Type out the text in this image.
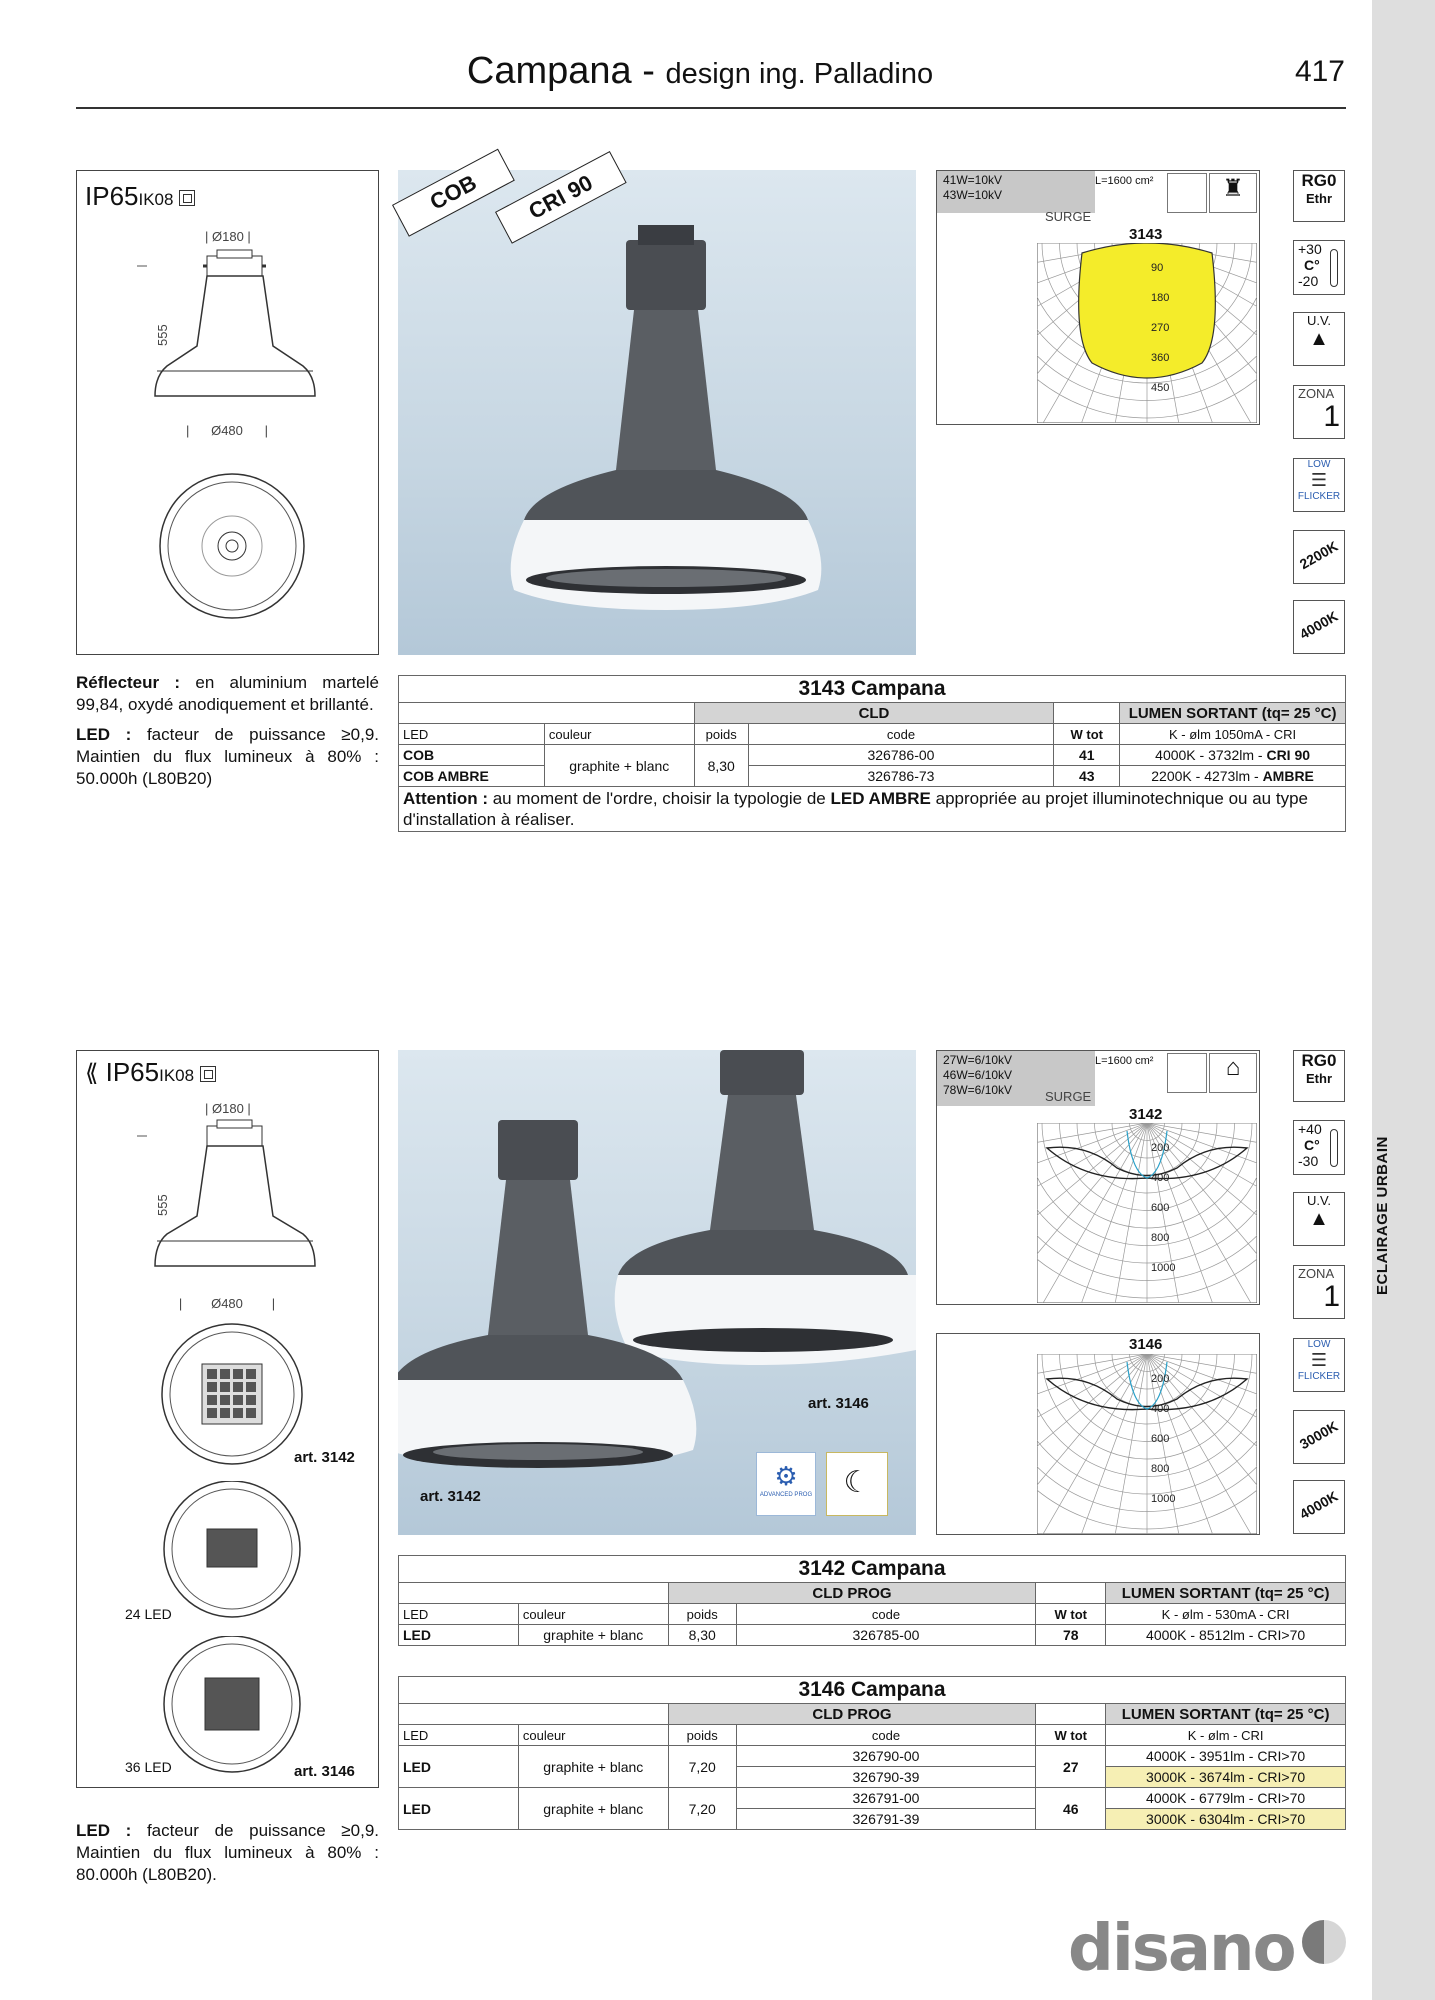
Campana - design ing. Palladino	417
ECLAIRAGE URBAIN
IP65IK08
| Ø180 |
555
|      Ø480      |
COB	CRI 90	41W=10kV
43W=10kV
SURGE
L=1600 cm²	♜
3143
90
180
270
360
450
RG0
Ethr
+30
C°
-20
U.V.
▲
ZONA
1
LOW
☰
FLICKER
2200K
4000K

Réflecteur : en aluminium martelé 99,84, oxydé anodiquement et brillanté.

LED : facteur de puissance ≥0,9. Maintien du flux lumineux à 80% : 50.000h (L80B20)

3143 Campana					
		CLD			LUMEN SORTANT (tq= 25 °C)
LED	couleur	poids	code	W tot	K - ølm 1050mA - CRI
COB	graphite + blanc	8,30	326786-00	41	4000K - 3732lm - CRI 90
COB AMBRE			326786-73	43	2200K - 4273lm - AMBRE
Attention : au moment de l'ordre, choisir la typologie de LED AMBRE appropriée au projet illuminotechnique ou au type d'installation à réaliser.					
⟪ IP65IK08
| Ø180 |
555
|        Ø480        |
art. 3142
24 LED
36 LED	art. 3146
art. 3146
art. 3142
⚙
ADVANCED PROG	☾
27W=6/10kV
46W=6/10kV
78W=6/10kV	SURGE
L=1600 cm²	⌂
3142
200
400
600
800
1000
3146
200
400
600
800
1000
RG0
Ethr
+40
C°
-30
U.V.
▲
ZONA
1
LOW
☰
FLICKER
3000K
4000K
3142 Campana					
		CLD PROG			LUMEN SORTANT (tq= 25 °C)
LED	couleur	poids	code	W tot	K - ølm - 530mA - CRI
LED	graphite + blanc	8,30	326785-00	78	4000K - 8512lm - CRI>70
3146 Campana					
		CLD PROG			LUMEN SORTANT (tq= 25 °C)
LED	couleur	poids	code	W tot	K - ølm - CRI
LED	graphite + blanc	7,20	326790-00	27	4000K - 3951lm - CRI>70
			326790-39		3000K - 3674lm - CRI>70
LED	graphite + blanc	7,20	326791-00	46	4000K - 6779lm - CRI>70
			326791-39		3000K - 6304lm - CRI>70

LED : facteur de puissance ≥0,9. Maintien du flux lumineux à 80% : 80.000h (L80B20).

disano
